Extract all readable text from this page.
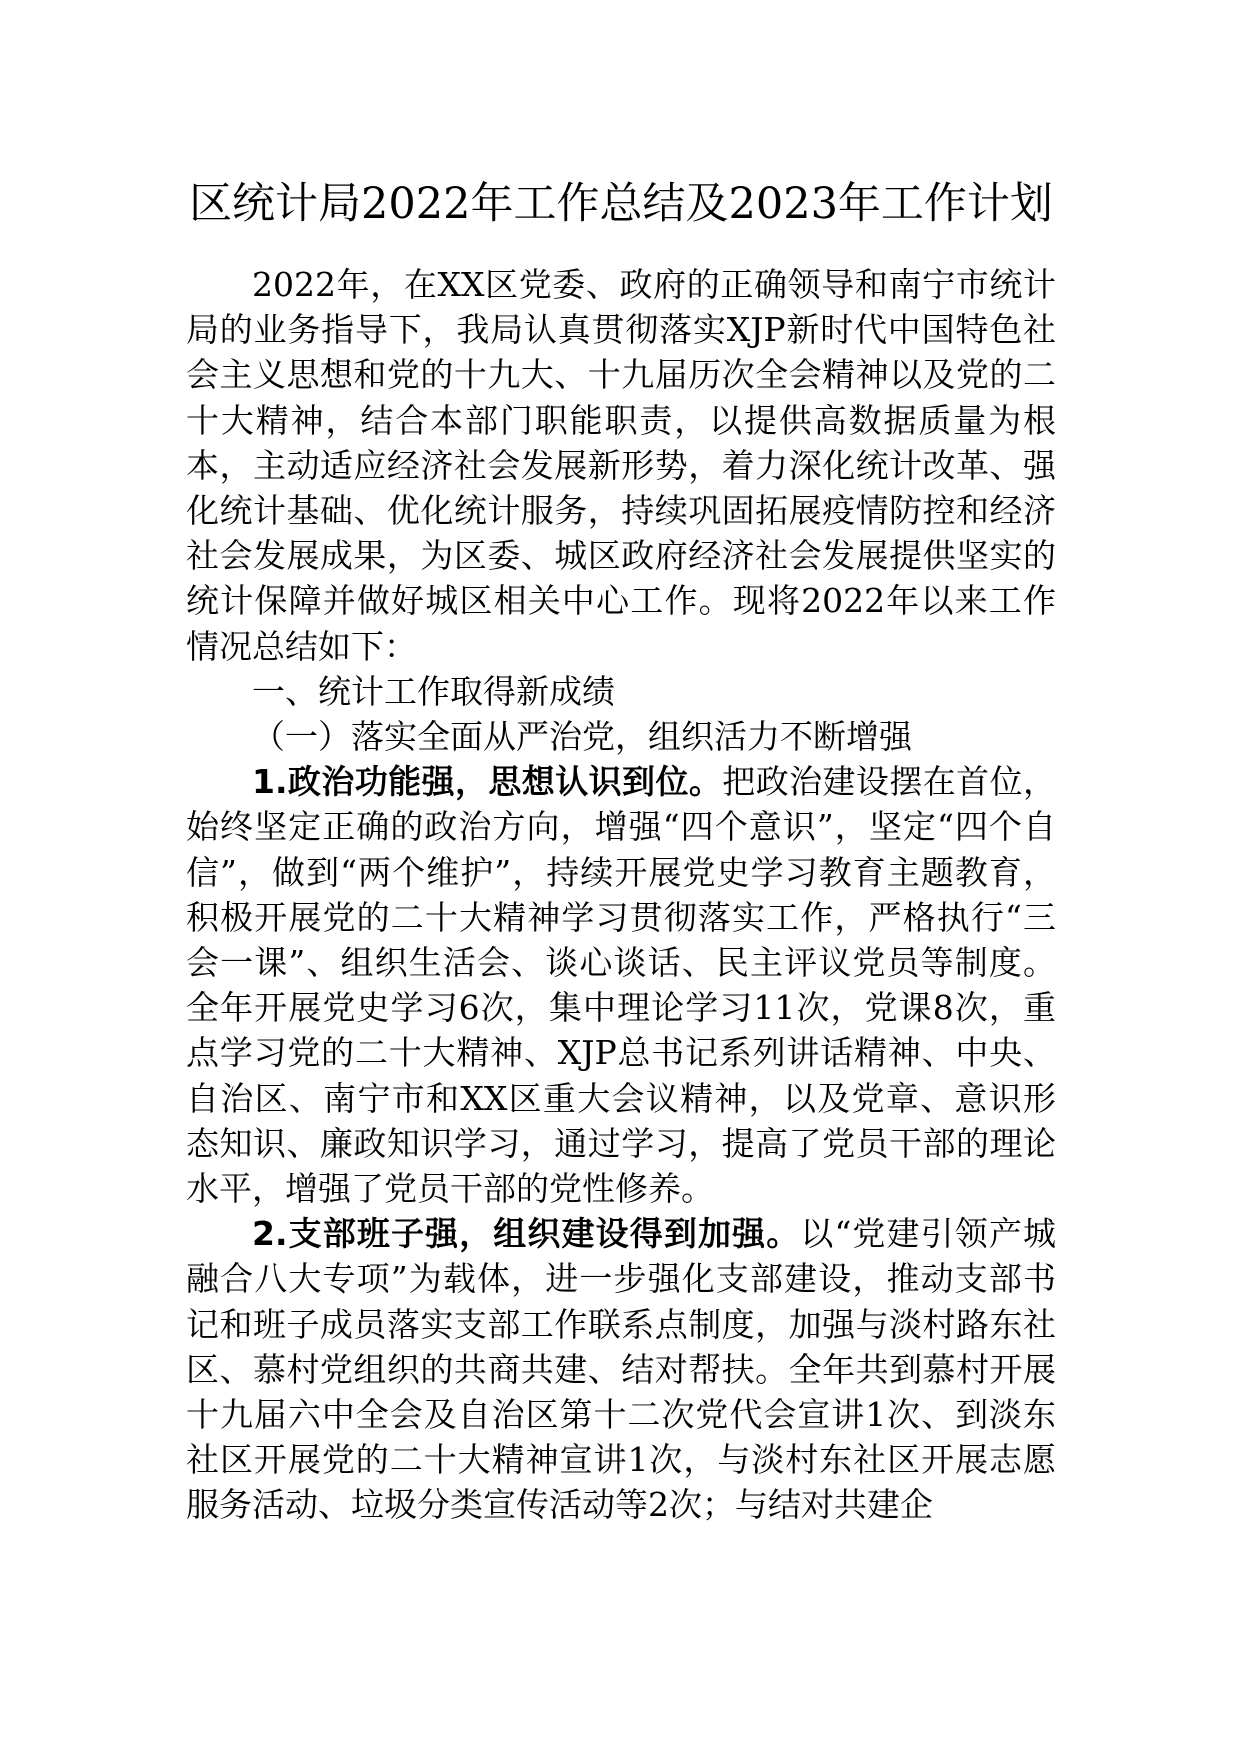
区统计局2022年工作总结及2023年工作计划

2022年，在XX区党委、政府的正确领导和南宁市统计局的业务指导下，我局认真贯彻落实XJP新时代中国特色社会主义思想和党的十九大、十九届历次全会精神以及党的二十大精神，结合本部门职能职责，以提供高数据质量为根本，主动适应经济社会发展新形势，着力深化统计改革、强化统计基础、优化统计服务，持续巩固拓展疫情防控和经济社会发展成果，为区委、城区政府经济社会发展提供坚实的统计保障并做好城区相关中心工作。现将2022年以来工作情况总结如下：

一、统计工作取得新成绩

（一）落实全面从严治党，组织活力不断增强

1.政治功能强，思想认识到位。把政治建设摆在首位，始终坚定正确的政治方向，增强“四个意识”，坚定“四个自信”，做到“两个维护”，持续开展党史学习教育主题教育，积极开展党的二十大精神学习贯彻落实工作，严格执行“三会一课”、组织生活会、谈心谈话、民主评议党员等制度。全年开展党史学习6次，集中理论学习11次，党课8次，重点学习党的二十大精神、XJP总书记系列讲话精神、中央、自治区、南宁市和XX区重大会议精神，以及党章、意识形态知识、廉政知识学习，通过学习，提高了党员干部的理论水平，增强了党员干部的党性修养。

2.支部班子强，组织建设得到加强。以“党建引领产城融合八大专项”为载体，进一步强化支部建设，推动支部书记和班子成员落实支部工作联系点制度，加强与淡村路东社区、慕村党组织的共商共建、结对帮扶。全年共到慕村开展十九届六中全会及自治区第十二次党代会宣讲1次、到淡东社区开展党的二十大精神宣讲1次，与淡村东社区开展志愿服务活动、垃圾分类宣传活动等2次；与结对共建企
